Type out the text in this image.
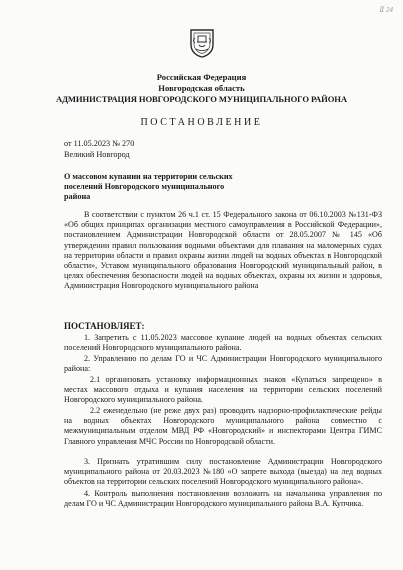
Ⅱ 24
Российская Федерация
Новгородская область
АДМИНИСТРАЦИЯ НОВГОРОДСКОГО МУНИЦИПАЛЬНОГО РАЙОНА
ПОСТАНОВЛЕНИЕ
от 11.05.2023 № 270
Великий Новгород
О массовом купании на территории сельских поселений Новгородского муниципального района

В соответствии с пунктом 26 ч.1 ст. 15 Федерального закона от 06.10.2003 №131-ФЗ «Об общих принципах организации местного самоуправления в Российской Федерации», постановлением Администрации Новгородской области от 28.05.2007 № 145 «Об утверждении правил пользования водными объектами для плавания на маломерных судах на территории области и правил охраны жизни людей на водных объектах в Новгородской области», Уставом муниципального образования Новгородский муниципальный район, в целях обеспечения безопасности людей на водных объектах, охраны их жизни и здоровья, Администрация Новгородского муниципального района

ПОСТАНОВЛЯЕТ:

1. Запретить с 11.05.2023 массовое купание людей на водных объектах сельских поселений Новгородского муниципального района.

2. Управлению по делам ГО и ЧС Администрации Новгородского муниципального района:

2.1 организовать установку информационных знаков «Купаться запрещено» в местах массового отдыха и купания населения на территории сельских поселений Новгородского муниципального района.

2.2 еженедельно (не реже двух раз) проводить надзорно-профилактические рейды на водных объектах Новгородского муниципального района совместно с межмуниципальным отделом МВД РФ «Новгородский» и инспекторами Центра ГИМС Главного управления МЧС России по Новгородской области.

3. Признать утратившим силу постановление Администрации Новгородского муниципального района от 20.03.2023 №180 «О запрете выхода (выезда) на лед водных объектов на территории сельских поселений Новгородского муниципального района».

4. Контроль выполнения постановления возложить на начальника управления по делам ГО и ЧС Администрации Новгородского муниципального района В.А. Купчика.
